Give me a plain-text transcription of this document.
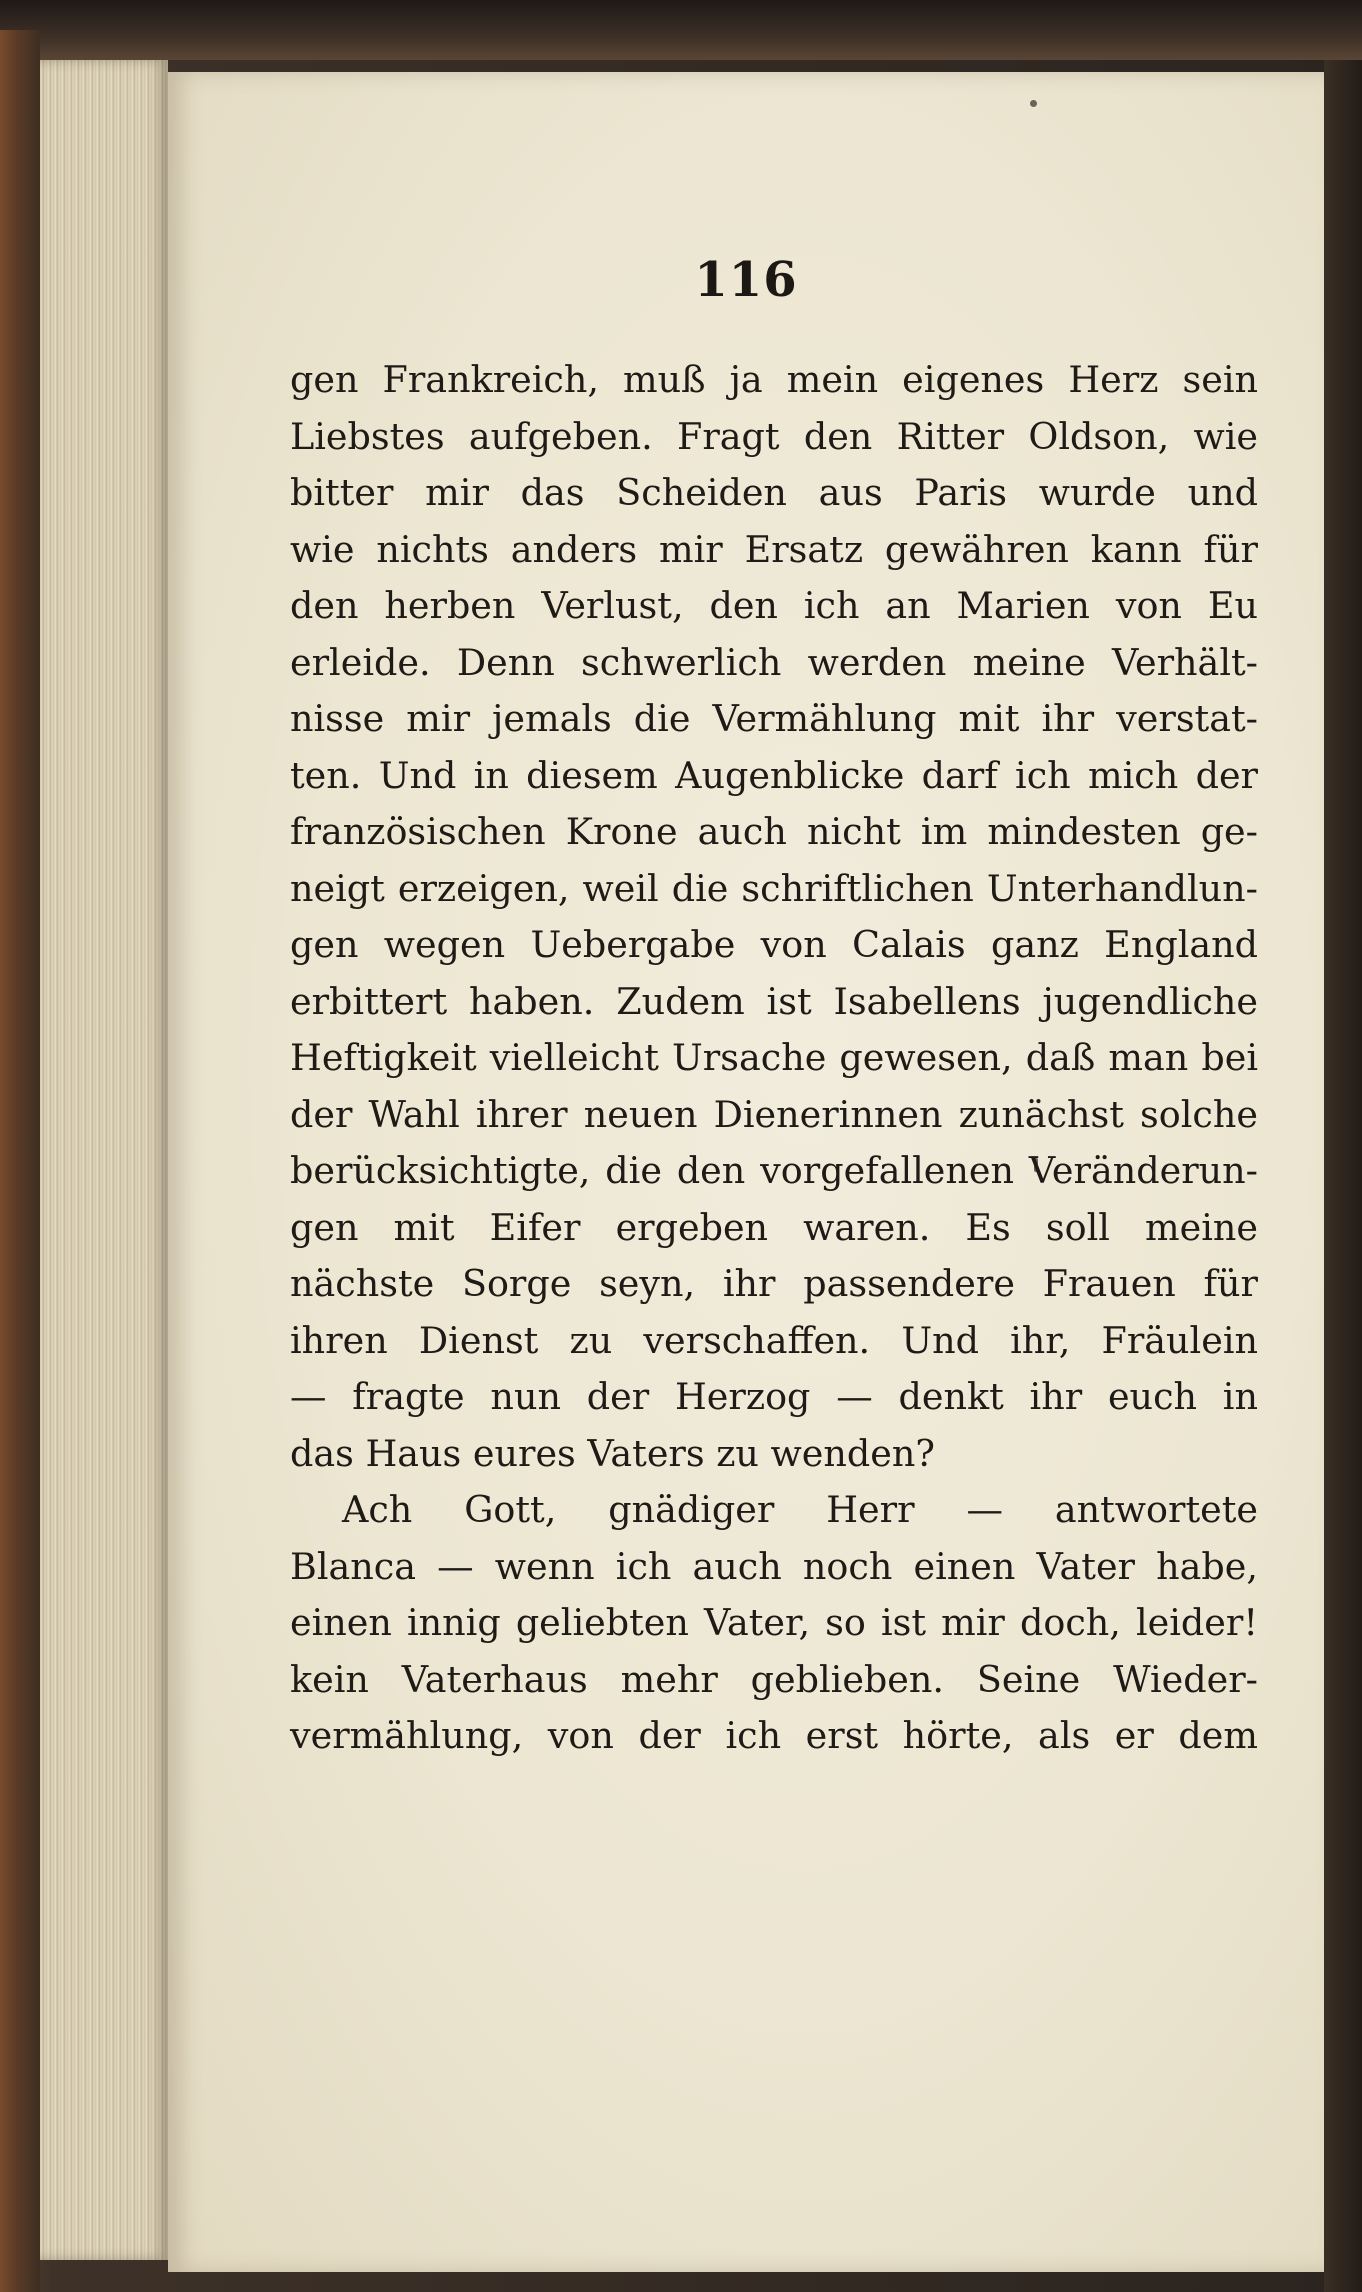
116
gen Frankreich, muß ja mein eigenes Herz sein
Liebstes aufgeben. Fragt den Ritter Oldson, wie
bitter mir das Scheiden aus Paris wurde und
wie nichts anders mir Ersatz gewähren kann für
den herben Verlust, den ich an Marien von Eu
erleide. Denn schwerlich werden meine Verhält-
nisse mir jemals die Vermählung mit ihr verstat-
ten. Und in diesem Augenblicke darf ich mich der
französischen Krone auch nicht im mindesten ge-
neigt erzeigen, weil die schriftlichen Unterhandlun-
gen wegen Uebergabe von Calais ganz England
erbittert haben. Zudem ist Isabellens jugendliche
Heftigkeit vielleicht Ursache gewesen, daß man bei
der Wahl ihrer neuen Dienerinnen zunächst solche
berücksichtigte, die den vorgefallenen Veränderun-
gen mit Eifer ergeben waren. Es soll meine
nächste Sorge seyn, ihr passendere Frauen für
ihren Dienst zu verschaffen. Und ihr, Fräulein
— fragte nun der Herzog — denkt ihr euch in
das Haus eures Vaters zu wenden?
Ach Gott, gnädiger Herr — antwortete
Blanca — wenn ich auch noch einen Vater habe,
einen innig geliebten Vater, so ist mir doch, leider!
kein Vaterhaus mehr geblieben. Seine Wieder-
vermählung, von der ich erst hörte, als er dem
